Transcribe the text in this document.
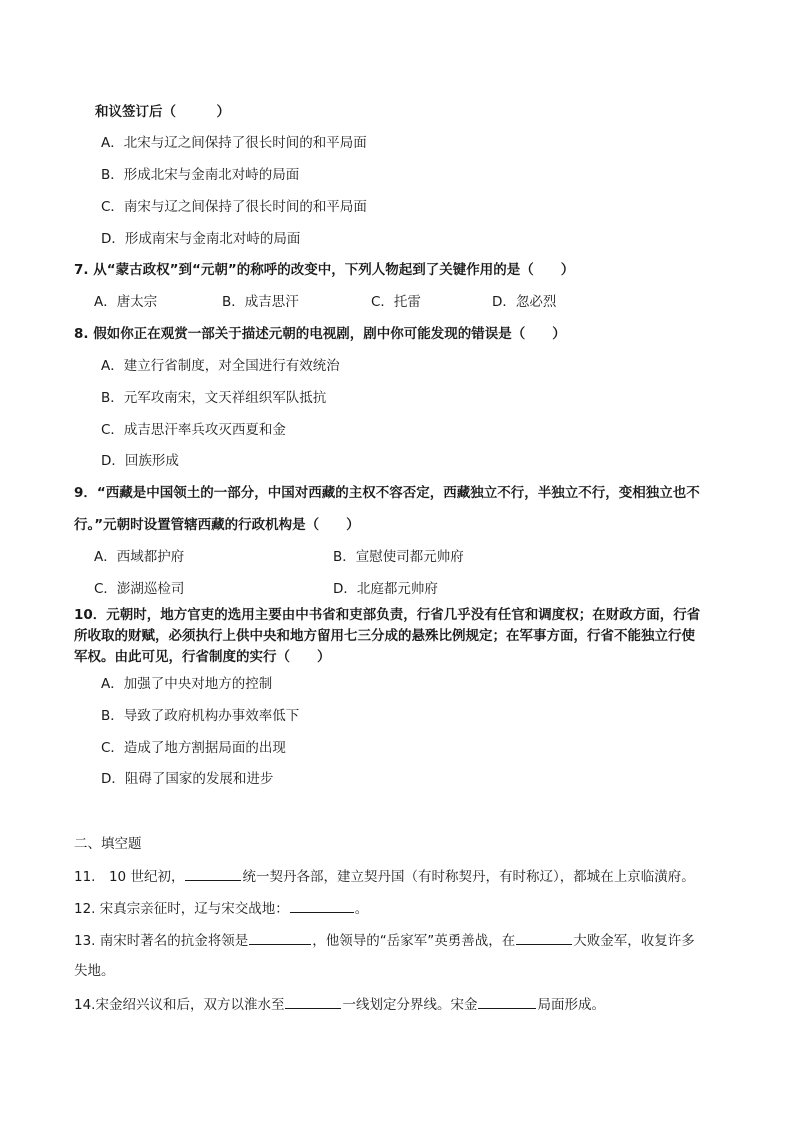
和议签订后（　　　）
A．北宋与辽之间保持了很长时间的和平局面
B．形成北宋与金南北对峙的局面
C．南宋与辽之间保持了很长时间的和平局面
D．形成南宋与金南北对峙的局面
7. 从“蒙古政权”到“元朝”的称呼的改变中，下列人物起到了关键作用的是（　　）
A．唐太宗	B．成吉思汗	C．托雷	D．忽必烈
8. 假如你正在观赏一部关于描述元朝的电视剧，剧中你可能发现的错误是（　　）
A．建立行省制度，对全国进行有效统治
B．元军攻南宋，文天祥组织军队抵抗
C．成吉思汗率兵攻灭西夏和金
D．回族形成
9．“西藏是中国领土的一部分，中国对西藏的主权不容否定，西藏独立不行，半独立不行，变相独立也不
行。”元朝时设置管辖西藏的行政机构是（　　）
A．西域都护府	B．宣慰使司都元帅府
C．澎湖巡检司	D．北庭都元帅府
10．元朝时，地方官吏的选用主要由中书省和吏部负责，行省几乎没有任官和调度权；在财政方面，行省
所收取的财赋，必须执行上供中央和地方留用七三分成的悬殊比例规定；在军事方面，行省不能独立行使
军权。由此可见，行省制度的实行（　　）
A．加强了中央对地方的控制
B．导致了政府机构办事效率低下
C．造成了地方割据局面的出现
D．阻碍了国家的发展和进步
二、填空题
11.　10 世纪初，	统一契丹各部，建立契丹国（有时称契丹，有时称辽），都城在上京临潢府。
12. 宋真宗亲征时，辽与宋交战地：	。
13. 南宋时著名的抗金将领是	，他领导的“岳家军”英勇善战，在	大败金军，收复许多
失地。
14.宋金绍兴议和后，双方以淮水至	一线划定分界线。宋金	局面形成。
